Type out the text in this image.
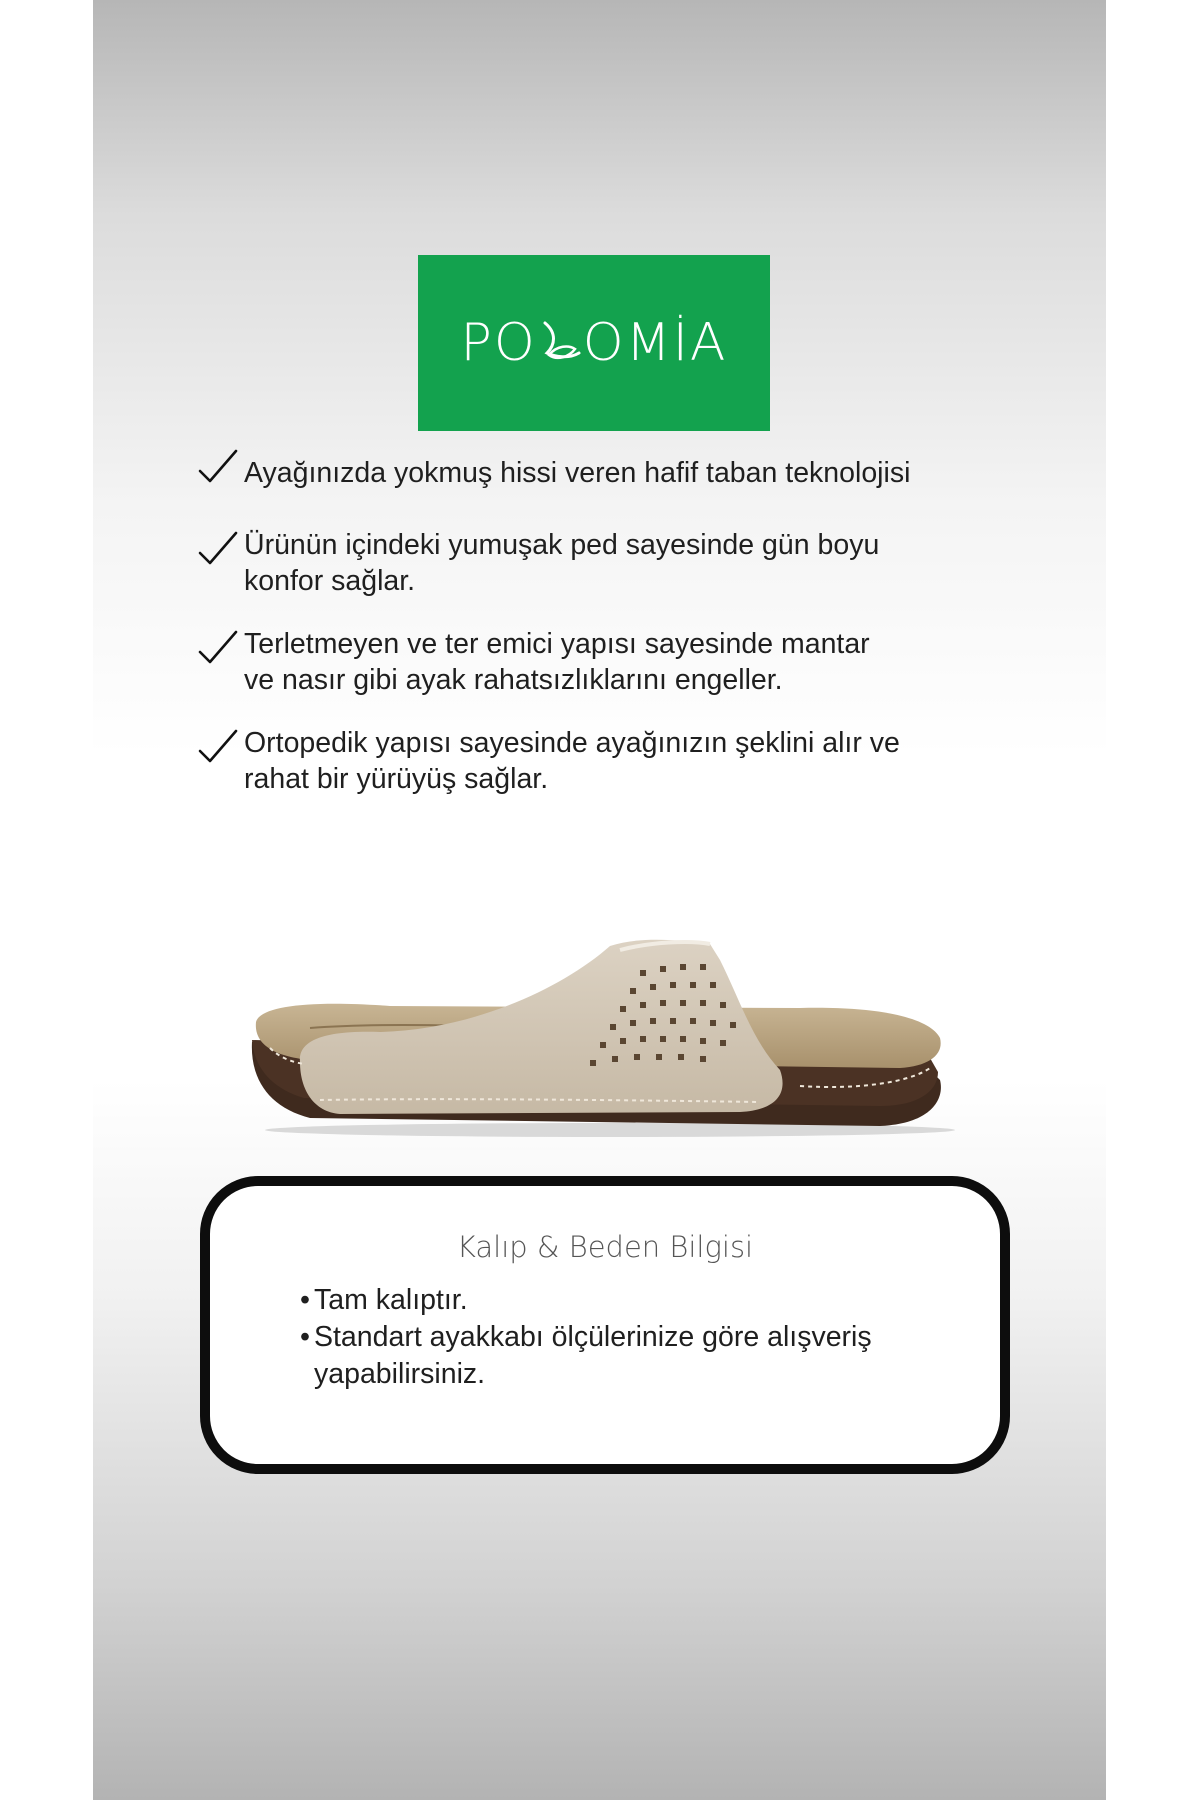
PO OMİA
Ayağınızda yokmuş hissi veren hafif taban teknolojisi
Ürünün içindeki yumuşak ped sayesinde gün boyu
konfor sağlar.
Terletmeyen ve ter emici yapısı sayesinde mantar
ve nasır gibi ayak rahatsızlıklarını engeller.
Ortopedik yapısı sayesinde ayağınızın şeklini alır ve
rahat bir yürüyüş sağlar.
Kalıp & Beden Bilgisi
• Tam kalıptır.
• Standart ayakkabı ölçülerinize göre alışveriş
yapabilirsiniz.
